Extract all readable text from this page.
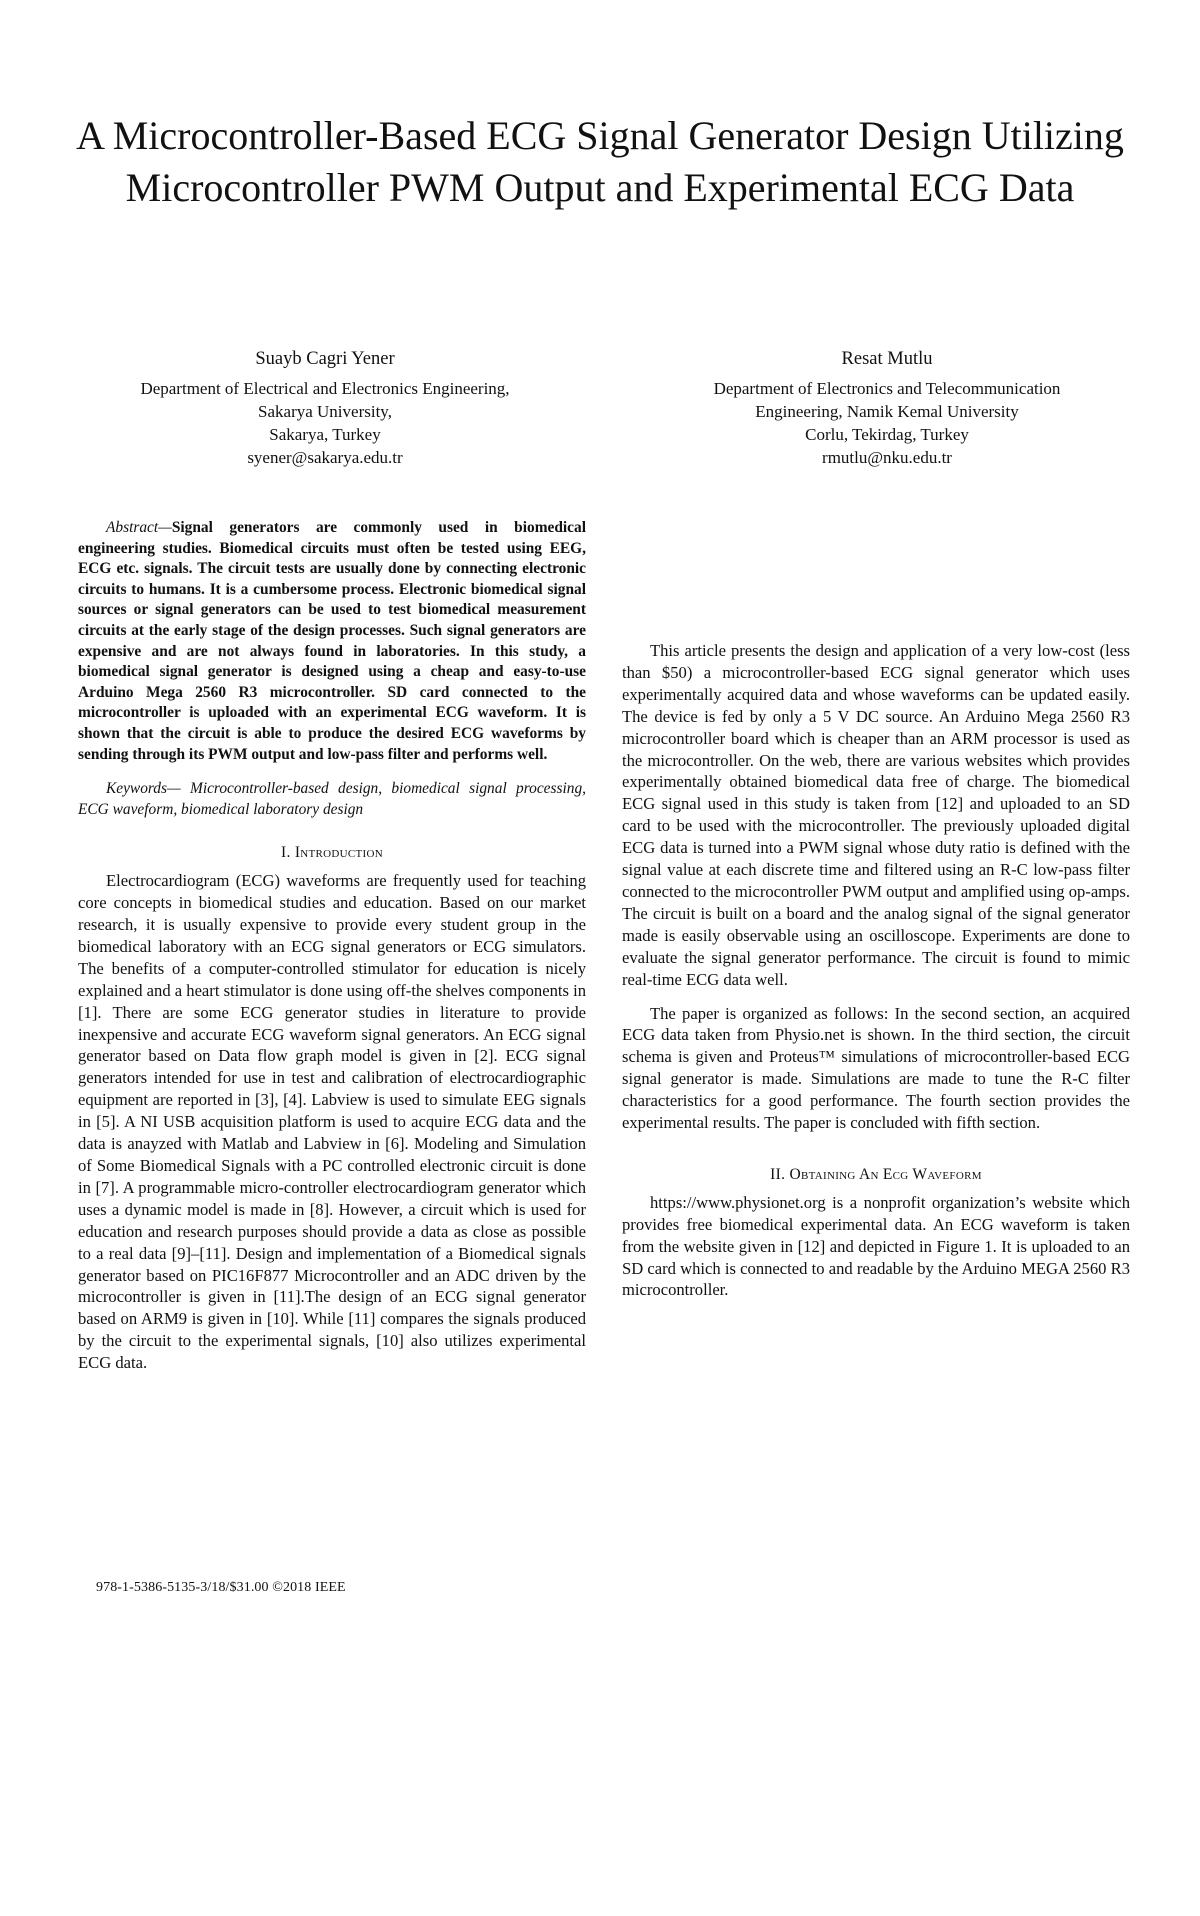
A Microcontroller-Based ECG Signal Generator Design Utilizing Microcontroller PWM Output and Experimental ECG Data
Suayb Cagri Yener
Department of Electrical and Electronics Engineering,
Sakarya University,
Sakarya, Turkey
syener@sakarya.edu.tr
Resat Mutlu
Department of Electronics and Telecommunication
Engineering, Namik Kemal University
Corlu, Tekirdag, Turkey
rmutlu@nku.edu.tr

Abstract—Signal generators are commonly used in biomedical engineering studies. Biomedical circuits must often be tested using EEG, ECG etc. signals. The circuit tests are usually done by connecting electronic circuits to humans. It is a cumbersome process. Electronic biomedical signal sources or signal generators can be used to test biomedical measurement circuits at the early stage of the design processes. Such signal generators are expensive and are not always found in laboratories. In this study, a biomedical signal generator is designed using a cheap and easy-to-use Arduino Mega 2560 R3 microcontroller. SD card connected to the microcontroller is uploaded with an experimental ECG waveform. It is shown that the circuit is able to produce the desired ECG waveforms by sending through its PWM output and low-pass filter and performs well.

Keywords— Microcontroller-based design, biomedical signal processing, ECG waveform, biomedical laboratory design

I. Introduction

Electrocardiogram (ECG) waveforms are frequently used for teaching core concepts in biomedical studies and education. Based on our market research, it is usually expensive to provide every student group in the biomedical laboratory with an ECG signal generators or ECG simulators. The benefits of a computer-controlled stimulator for education is nicely explained and a heart stimulator is done using off-the shelves components in [1]. There are some ECG generator studies in literature to provide inexpensive and accurate ECG waveform signal generators. An ECG signal generator based on Data flow graph model is given in [2]. ECG signal generators intended for use in test and calibration of electrocardiographic equipment are reported in [3], [4]. Labview is used to simulate EEG signals in [5]. A NI USB acquisition platform is used to acquire ECG data and the data is anayzed with Matlab and Labview in [6]. Modeling and Simulation of Some Biomedical Signals with a PC controlled electronic circuit is done in [7]. A programmable micro-controller electrocardiogram generator which uses a dynamic model is made in [8]. However, a circuit which is used for education and research purposes should provide a data as close as possible to a real data [9]–[11]. Design and implementation of a Biomedical signals generator based on PIC16F877 Microcontroller and an ADC driven by the microcontroller is given in [11].The design of an ECG signal generator based on ARM9 is given in [10]. While [11] compares the signals produced by the circuit to the experimental signals, [10] also utilizes experimental ECG data.

This article presents the design and application of a very low-cost (less than $50) a microcontroller-based ECG signal generator which uses experimentally acquired data and whose waveforms can be updated easily. The device is fed by only a 5 V DC source. An Arduino Mega 2560 R3 microcontroller board which is cheaper than an ARM processor is used as the microcontroller. On the web, there are various websites which provides experimentally obtained biomedical data free of charge. The biomedical ECG signal used in this study is taken from [12] and uploaded to an SD card to be used with the microcontroller. The previously uploaded digital ECG data is turned into a PWM signal whose duty ratio is defined with the signal value at each discrete time and filtered using an R-C low-pass filter connected to the microcontroller PWM output and amplified using op-amps. The circuit is built on a board and the analog signal of the signal generator made is easily observable using an oscilloscope. Experiments are done to evaluate the signal generator performance. The circuit is found to mimic real-time ECG data well.

The paper is organized as follows: In the second section, an acquired ECG data taken from Physio.net is shown. In the third section, the circuit schema is given and Proteus™ simulations of microcontroller-based ECG signal generator is made. Simulations are made to tune the R-C filter characteristics for a good performance. The fourth section provides the experimental results. The paper is concluded with fifth section.

II. Obtaining An Ecg Waveform

https://www.physionet.org is a nonprofit organization’s website which provides free biomedical experimental data. An ECG waveform is taken from the website given in [12] and depicted in Figure 1. It is uploaded to an SD card which is connected to and readable by the Arduino MEGA 2560 R3 microcontroller.

978-1-5386-5135-3/18/$31.00 ©2018 IEEE
